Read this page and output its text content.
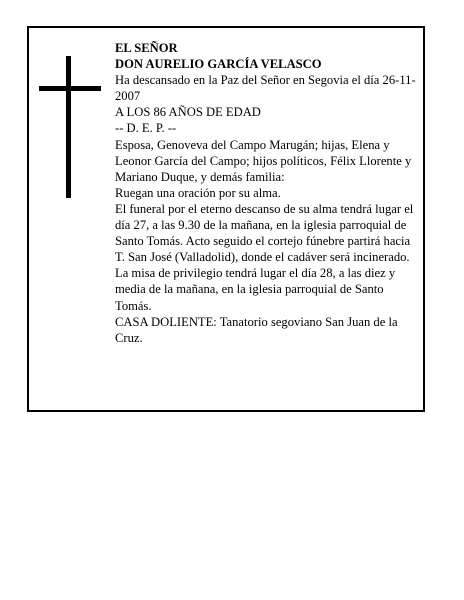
EL SEÑOR

DON AURELIO GARCÍA VELASCO

Ha descansado en la Paz del Señor en Segovia el día 26-11-2007

A LOS 86 AÑOS DE EDAD

-- D. E. P. --

Esposa, Genoveva del Campo Marugán; hijas, Elena y Leonor García del Campo; hijos políticos, Félix Llorente y Mariano Duque, y demás familia:

Ruegan una oración por su alma.

El funeral por el eterno descanso de su alma tendrá lugar el día 27, a las 9.30 de la mañana, en la iglesia parroquial de Santo Tomás. Acto seguido el cortejo fúnebre partirá hacia T. San José (Valladolid), donde el cadáver será incinerado. La misa de privilegio tendrá lugar el día 28, a las diez y media de la mañana, en la iglesia parroquial de Santo Tomás.

CASA DOLIENTE: Tanatorio segoviano San Juan de la Cruz.
